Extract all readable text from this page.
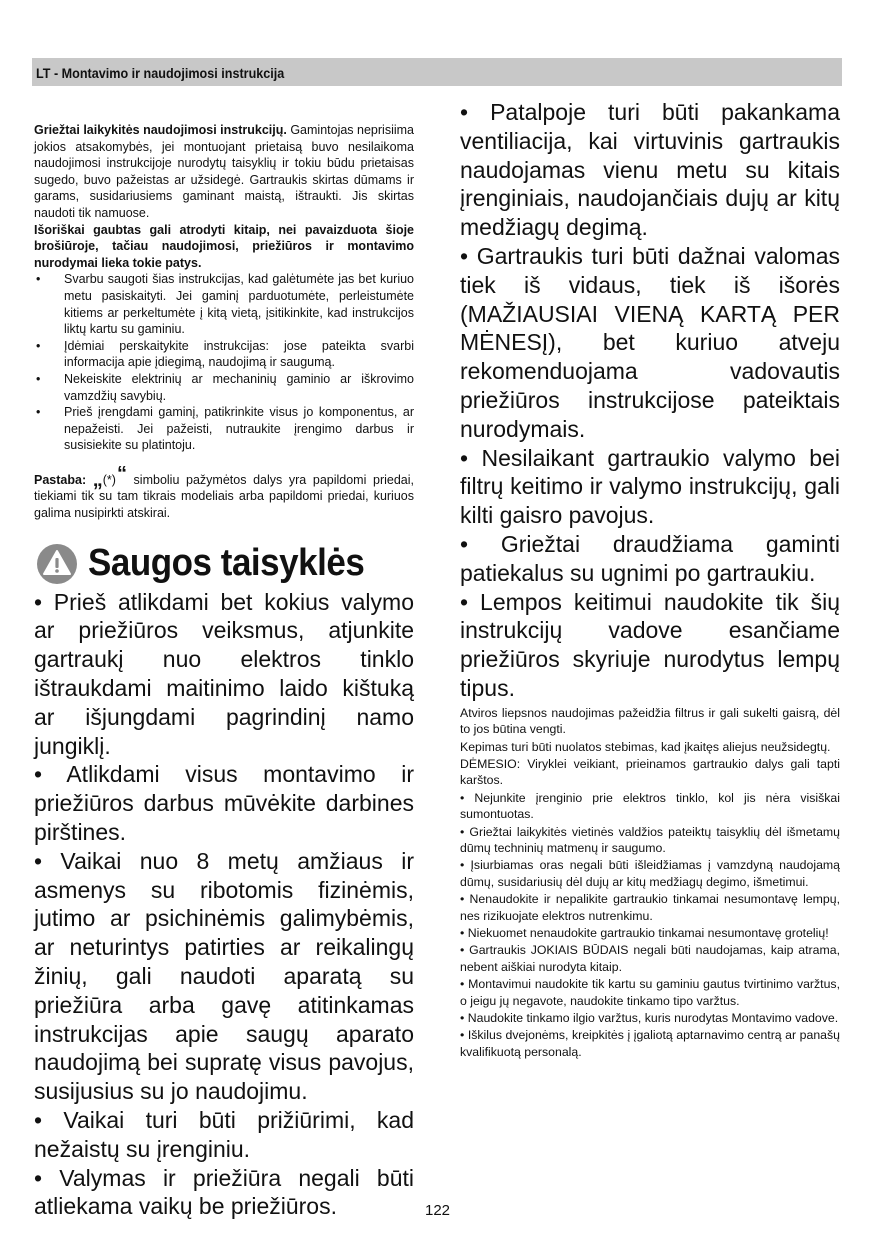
LT - Montavimo ir naudojimosi instrukcija
Griežtai laikykitės naudojimosi instrukcijų. Gamintojas neprisiima jokios atsakomybės, jei montuojant prietaisą buvo nesilaikoma naudojimosi instrukcijoje nurodytų taisyklių ir tokiu būdu prietaisas sugedo, buvo pažeistas ar užsidegė. Gartraukis skirtas dūmams ir garams, susidariusiems gaminant maistą, ištraukti. Jis skirtas naudoti tik namuose.
Išoriškai gaubtas gali atrodyti kitaip, nei pavaizduota šioje brošiūroje, tačiau naudojimosi, priežiūros ir montavimo nurodymai lieka tokie patys.
• Svarbu saugoti šias instrukcijas, kad galėtumėte jas bet kuriuo metu pasiskaityti. Jei gaminį parduotumėte, perleistumėte kitiems ar perkeltumėte į kitą vietą, įsitikinkite, kad instrukcijos liktų kartu su gaminiu.
• Įdėmiai perskaitykite instrukcijas: jose pateikta svarbi informacija apie įdiegimą, naudojimą ir saugumą.
• Nekeiskite elektrinių ar mechaninių gaminio ar iškrovimo vamzdžių savybių.
• Prieš įrengdami gaminį, patikrinkite visus jo komponentus, ar nepažeisti. Jei pažeisti, nutraukite įrengimo darbus ir susisiekite su platintoju.
Pastaba: „(*)“ simboliu pažymėtos dalys yra papildomi priedai, tiekiami tik su tam tikrais modeliais arba papildomi priedai, kuriuos galima nusipirkti atskirai.
Saugos taisyklės

• Prieš atlikdami bet kokius valymo ar priežiūros veiksmus, atjunkite gartraukį nuo elektros tinklo ištraukdami maitinimo laido kištuką ar išjungdami pagrindinį namo jungiklį.

• Atlikdami visus montavimo ir priežiūros darbus mūvėkite darbines pirštines.

• Vaikai nuo 8 metų amžiaus ir asmenys su ribotomis fizinėmis, jutimo ar psichinėmis galimybėmis, ar neturintys patirties ar reikalingų žinių, gali naudoti aparatą su priežiūra arba gavę atitinkamas instrukcijas apie saugų aparato naudojimą bei supratę visus pavojus, susijusius su jo naudojimu.

• Vaikai turi būti prižiūrimi, kad nežaistų su įrenginiu.

• Valymas ir priežiūra negali būti atliekama vaikų be priežiūros.

• Patalpoje turi būti pakankama ventiliacija, kai virtuvinis gartraukis naudojamas vienu metu su kitais įrenginiais, naudojančiais dujų ar kitų medžiagų degimą.

• Gartraukis turi būti dažnai valomas tiek iš vidaus, tiek iš išorės (MAŽIAUSIAI VIENĄ KARTĄ PER MĖNESĮ), bet kuriuo atveju rekomenduojama vadovautis priežiūros instrukcijose pateiktais nurodymais.

• Nesilaikant gartraukio valymo bei filtrų keitimo ir valymo instrukcijų, gali kilti gaisro pavojus.

• Griežtai draudžiama gaminti patiekalus su ugnimi po gartraukiu.

• Lempos keitimui naudokite tik šių instrukcijų vadove esančiame priežiūros skyriuje nurodytus lempų tipus.

Atviros liepsnos naudojimas pažeidžia filtrus ir gali sukelti gaisrą, dėl to jos būtina vengti.

Kepimas turi būti nuolatos stebimas, kad įkaitęs aliejus neužsidegtų.

DĖMESIO: Viryklei veikiant, prieinamos gartraukio dalys gali tapti karštos.

• Nejunkite įrenginio prie elektros tinklo, kol jis nėra visiškai sumontuotas.

• Griežtai laikykitės vietinės valdžios pateiktų taisyklių dėl išmetamų dūmų techninių matmenų ir saugumo.

• Įsiurbiamas oras negali būti išleidžiamas į vamzdyną naudojamą dūmų, susidariusių dėl dujų ar kitų medžiagų degimo, išmetimui.

• Nenaudokite ir nepalikite gartraukio tinkamai nesumontavę lempų, nes rizikuojate elektros nutrenkimu.

• Niekuomet nenaudokite gartraukio tinkamai nesumontavę grotelių!

• Gartraukis JOKIAIS BŪDAIS negali būti naudojamas, kaip atrama, nebent aiškiai nurodyta kitaip.

• Montavimui naudokite tik kartu su gaminiu gautus tvirtinimo varžtus, o jeigu jų negavote, naudokite tinkamo tipo varžtus.

• Naudokite tinkamo ilgio varžtus, kuris nurodytas Montavimo vadove.

• Iškilus dvejonėms, kreipkitės į įgaliotą aptarnavimo centrą ar panašų kvalifikuotą personalą.

122
